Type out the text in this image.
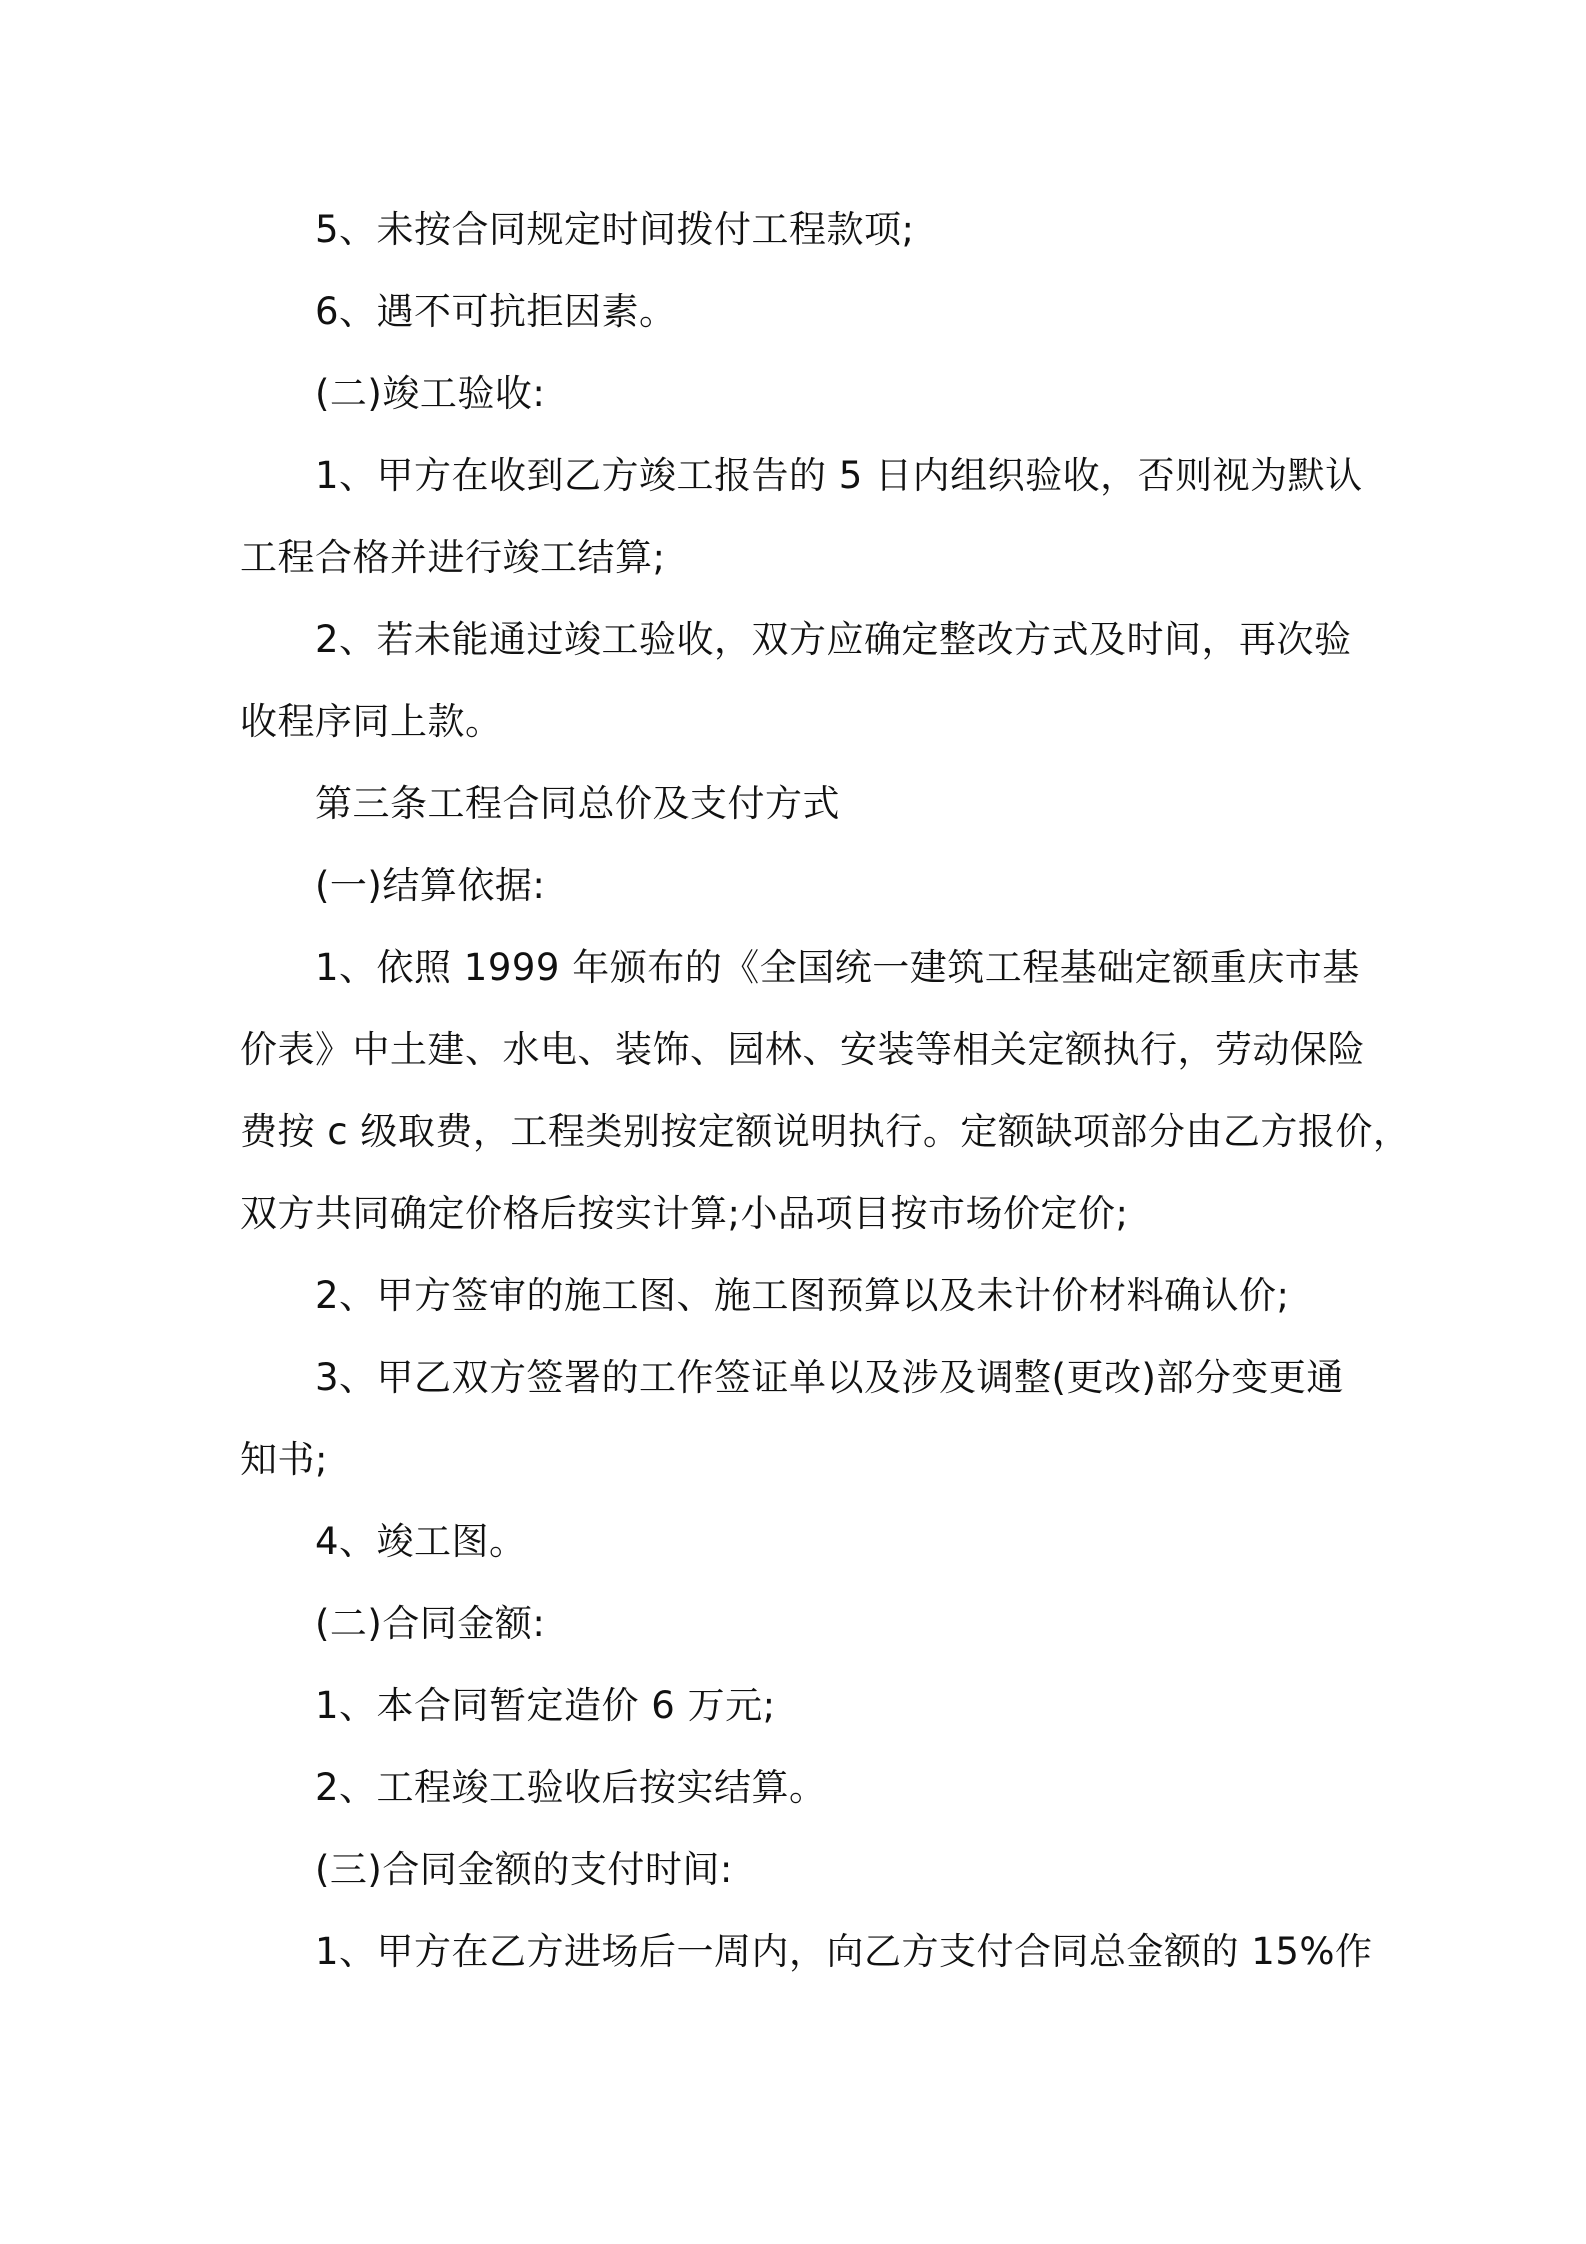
5、未按合同规定时间拨付工程款项;
6、遇不可抗拒因素。
(二)竣工验收:
1、甲方在收到乙方竣工报告的 5 日内组织验收，否则视为默认
工程合格并进行竣工结算;
2、若未能通过竣工验收，双方应确定整改方式及时间，再次验
收程序同上款。
第三条工程合同总价及支付方式
(一)结算依据:
1、依照 1999 年颁布的《全国统一建筑工程基础定额重庆市基
价表》中土建、水电、装饰、园林、安装等相关定额执行，劳动保险
费按 c 级取费，工程类别按定额说明执行。定额缺项部分由乙方报价，
双方共同确定价格后按实计算;小品项目按市场价定价;
2、甲方签审的施工图、施工图预算以及未计价材料确认价;
3、甲乙双方签署的工作签证单以及涉及调整(更改)部分变更通
知书;
4、竣工图。
(二)合同金额:
1、本合同暂定造价 6 万元;
2、工程竣工验收后按实结算。
(三)合同金额的支付时间:
1、甲方在乙方进场后一周内，向乙方支付合同总金额的 15%作
